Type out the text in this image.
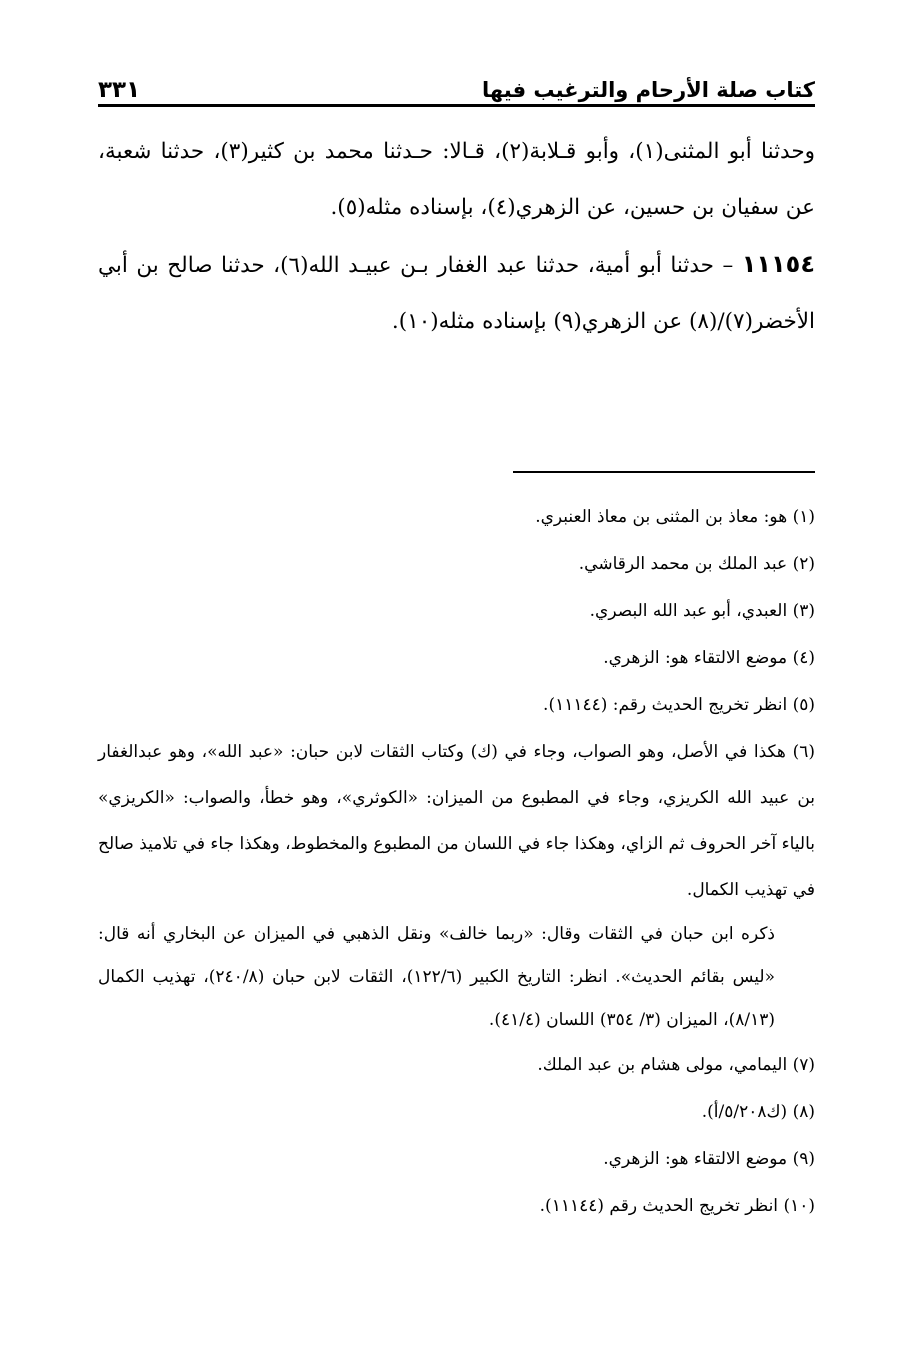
كتاب صلة الأرحام والترغيب فيها
٣٣١

وحدثنا أبو المثنى(١)، وأبو قـلابة(٢)، قـالا: حـدثنا محمد بن كثير(٣)، حدثنا شعبة، عن سفيان بن حسين، عن الزهري(٤)، بإسناده مثله(٥).

١١١٥٤ – حدثنا أبو أمية، حدثنا عبد الغفار بـن عبيـد الله(٦)، حدثنا صالح بن أبي الأخضر(٧)/(٨) عن الزهري(٩) بإسناده مثله(١٠).

(١) هو: معاذ بن المثنى بن معاذ العنبري.

(٢) عبد الملك بن محمد الرقاشي.

(٣) العبدي، أبو عبد الله البصري.

(٤) موضع الالتقاء هو: الزهري.

(٥) انظر تخريج الحديث رقم: (١١١٤٤).

(٦) هكذا في الأصل، وهو الصواب، وجاء في (ك) وكتاب الثقات لابن حبان: «عبد الله»، وهو عبدالغفار بن عبيد الله الكريزي، وجاء في المطبوع من الميزان: «الكوثري»، وهو خطأ، والصواب: «الكريزي» بالياء آخر الحروف ثم الزاي، وهكذا جاء في اللسان من المطبوع والمخطوط، وهكذا جاء في تلاميذ صالح في تهذيب الكمال.

ذكره ابن حبان في الثقات وقال: «ربما خالف» ونقل الذهبي في الميزان عن البخاري أنه قال: «ليس بقائم الحديث». انظر: التاريخ الكبير (١٢٢/٦)، الثقات لابن حبان (٢٤٠/٨)، تهذيب الكمال (٨/١٣)، الميزان (٣/ ٣٥٤) اللسان (٤١/٤).

(٧) اليمامي، مولى هشام بن عبد الملك.

(٨) (ك٥/٢٠٨/أ).

(٩) موضع الالتقاء هو: الزهري.

(١٠) انظر تخريج الحديث رقم (١١١٤٤).
